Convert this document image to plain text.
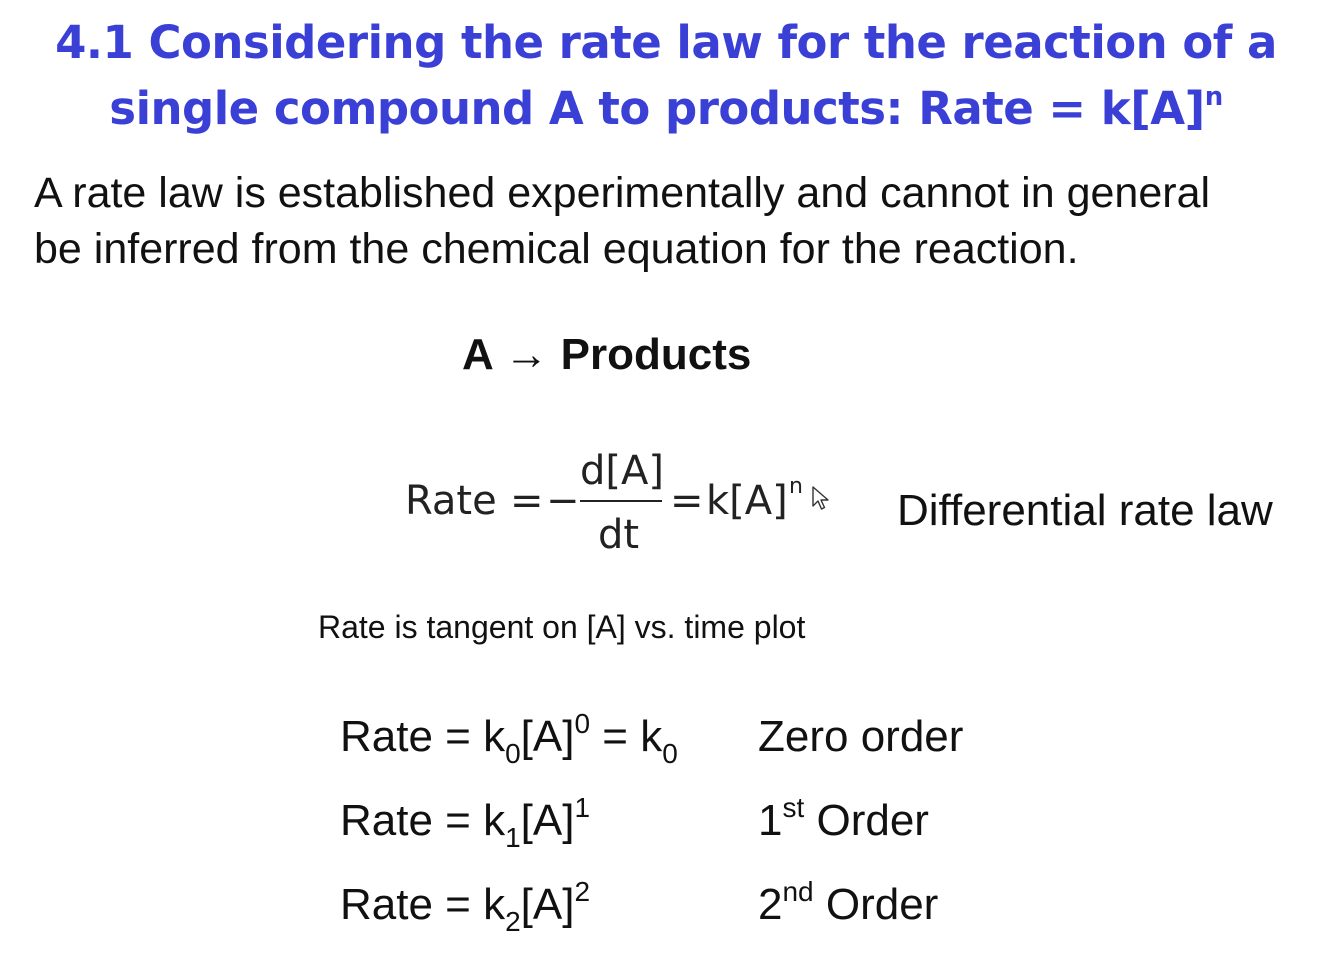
4.1 Considering the rate law for the reaction of a
single compound A to products: Rate = $k[A]^n$
A rate law is established experimentally and cannot in general
be inferred from the chemical equation for the reaction.
A → Products
Rate = −
d[A]
dt
= k[A] n Differential rate law
Rate is tangent on [A] vs. time plot
Rate = $k_0[A]^0 = k_0$ Zero order
Rate = $k_1[A]^1$	1st Order
Rate = $k_2[A]^2$	2nd Order
